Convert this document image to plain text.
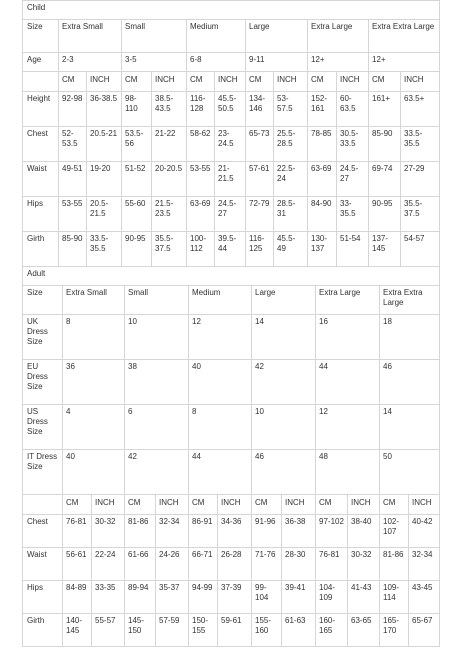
Child												
Size	Extra Small		Small		Medium		Large		Extra Large		Extra Extra Large	
Age	2-3		3-5		6-8		9-11		12+		12+	
	CM	INCH	CM	INCH	CM	INCH	CM	INCH	CM	INCH	CM	INCH
Height	92-98	36-38.5	98-110	38.5-43.5	116-128	45.5-50.5	134-146	53-57.5	152-161	60-63.5	161+	63.5+
Chest	52-53.5	20.5-21	53.5-56	21-22	58-62	23-24.5	65-73	25.5-28.5	78-85	30.5-33.5	85-90	33.5-35.5
Waist	49-51	19-20	51-52	20-20.5	53-55	21-21.5	57-61	22.5-24	63-69	24.5-27	69-74	27-29
Hips	53-55	20.5-21.5	55-60	21.5-23.5	63-69	24.5-27	72-79	28.5-31	84-90	33-35.5	90-95	35.5-37.5
Girth	85-90	33.5-35.5	90-95	35.5-37.5	100-112	39.5-44	116-125	45.5-49	130-137	51-54	137-145	54-57
Adult												
Size	Extra Small		Small		Medium		Large		Extra Large		Extra Extra Large	
UK Dress Size	8		10		12		14		16		18	
EU Dress Size	36		38		40		42		44		46	
US Dress Size	4		6		8		10		12		14	
IT Dress Size	40		42		44		46		48		50	
	CM	INCH	CM	INCH	CM	INCH	CM	INCH	CM	INCH	CM	INCH
Chest	76-81	30-32	81-86	32-34	86-91	34-36	91-96	36-38	97-102	38-40	102-107	40-42
Waist	56-61	22-24	61-66	24-26	66-71	26-28	71-76	28-30	76-81	30-32	81-86	32-34
Hips	84-89	33-35	89-94	35-37	94-99	37-39	99-104	39-41	104-109	41-43	109-114	43-45
Girth	140-145	55-57	145-150	57-59	150-155	59-61	155-160	61-63	160-165	63-65	165-170	65-67
